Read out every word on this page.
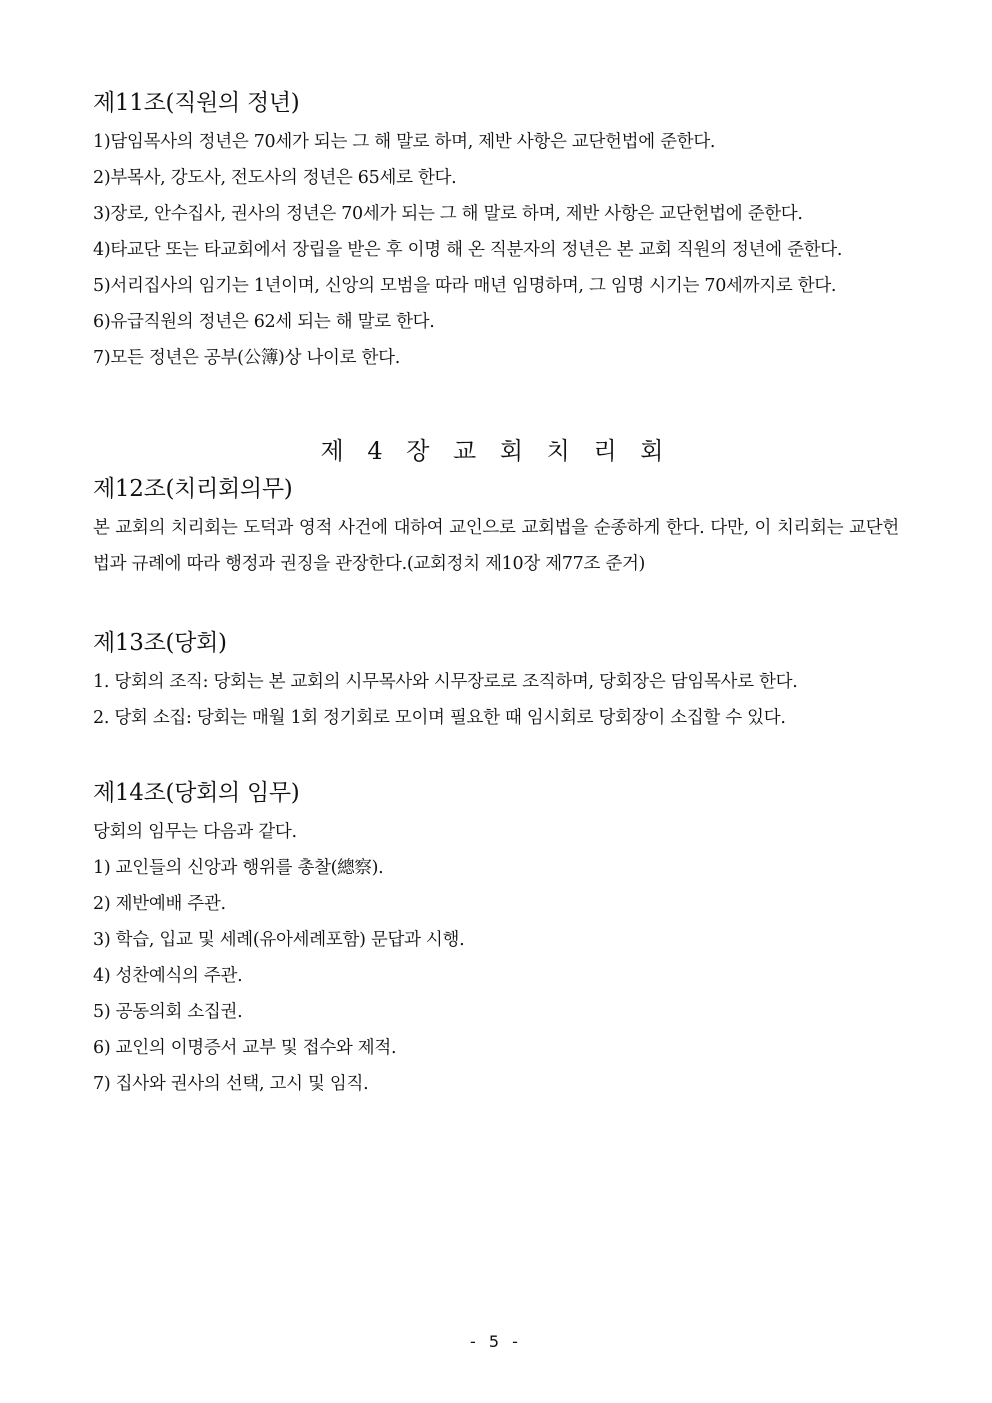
제11조(직원의 정년)
1)담임목사의 정년은 70세가 되는 그 해 말로 하며, 제반 사항은 교단헌법에 준한다.
2)부목사, 강도사, 전도사의 정년은 65세로 한다.
3)장로, 안수집사, 권사의 정년은 70세가 되는 그 해 말로 하며, 제반 사항은 교단헌법에 준한다.
4)타교단 또는 타교회에서 장립을 받은 후 이명 해 온 직분자의 정년은 본 교회 직원의 정년에 준한다.
5)서리집사의 임기는 1년이며, 신앙의 모범을 따라 매년 임명하며, 그 임명 시기는 70세까지로 한다.
6)유급직원의 정년은 62세 되는 해 말로 한다.
7)모든 정년은 공부(公簿)상 나이로 한다.
제 4 장 교 회 치 리 회
제12조(치리회의무)
본 교회의 치리회는 도덕과 영적 사건에 대하여 교인으로 교회법을 순종하게 한다. 다만, 이 치리회는 교단헌법과 규례에 따라 행정과 권징을 관장한다.(교회정치 제10장 제77조 준거)
제13조(당회)
1. 당회의 조직: 당회는 본 교회의 시무목사와 시무장로로 조직하며, 당회장은 담임목사로 한다.
2. 당회 소집: 당회는 매월 1회 정기회로 모이며 필요한 때 임시회로 당회장이 소집할 수 있다.
제14조(당회의 임무)
당회의 임무는 다음과 같다.
1) 교인들의 신앙과 행위를 총찰(總察).
2) 제반예배 주관.
3) 학습, 입교 및 세례(유아세례포함) 문답과 시행.
4) 성찬예식의 주관.
5) 공동의회 소집권.
6) 교인의 이명증서 교부 및 접수와 제적.
7) 집사와 권사의 선택, 고시 및 임직.
- 5 -
